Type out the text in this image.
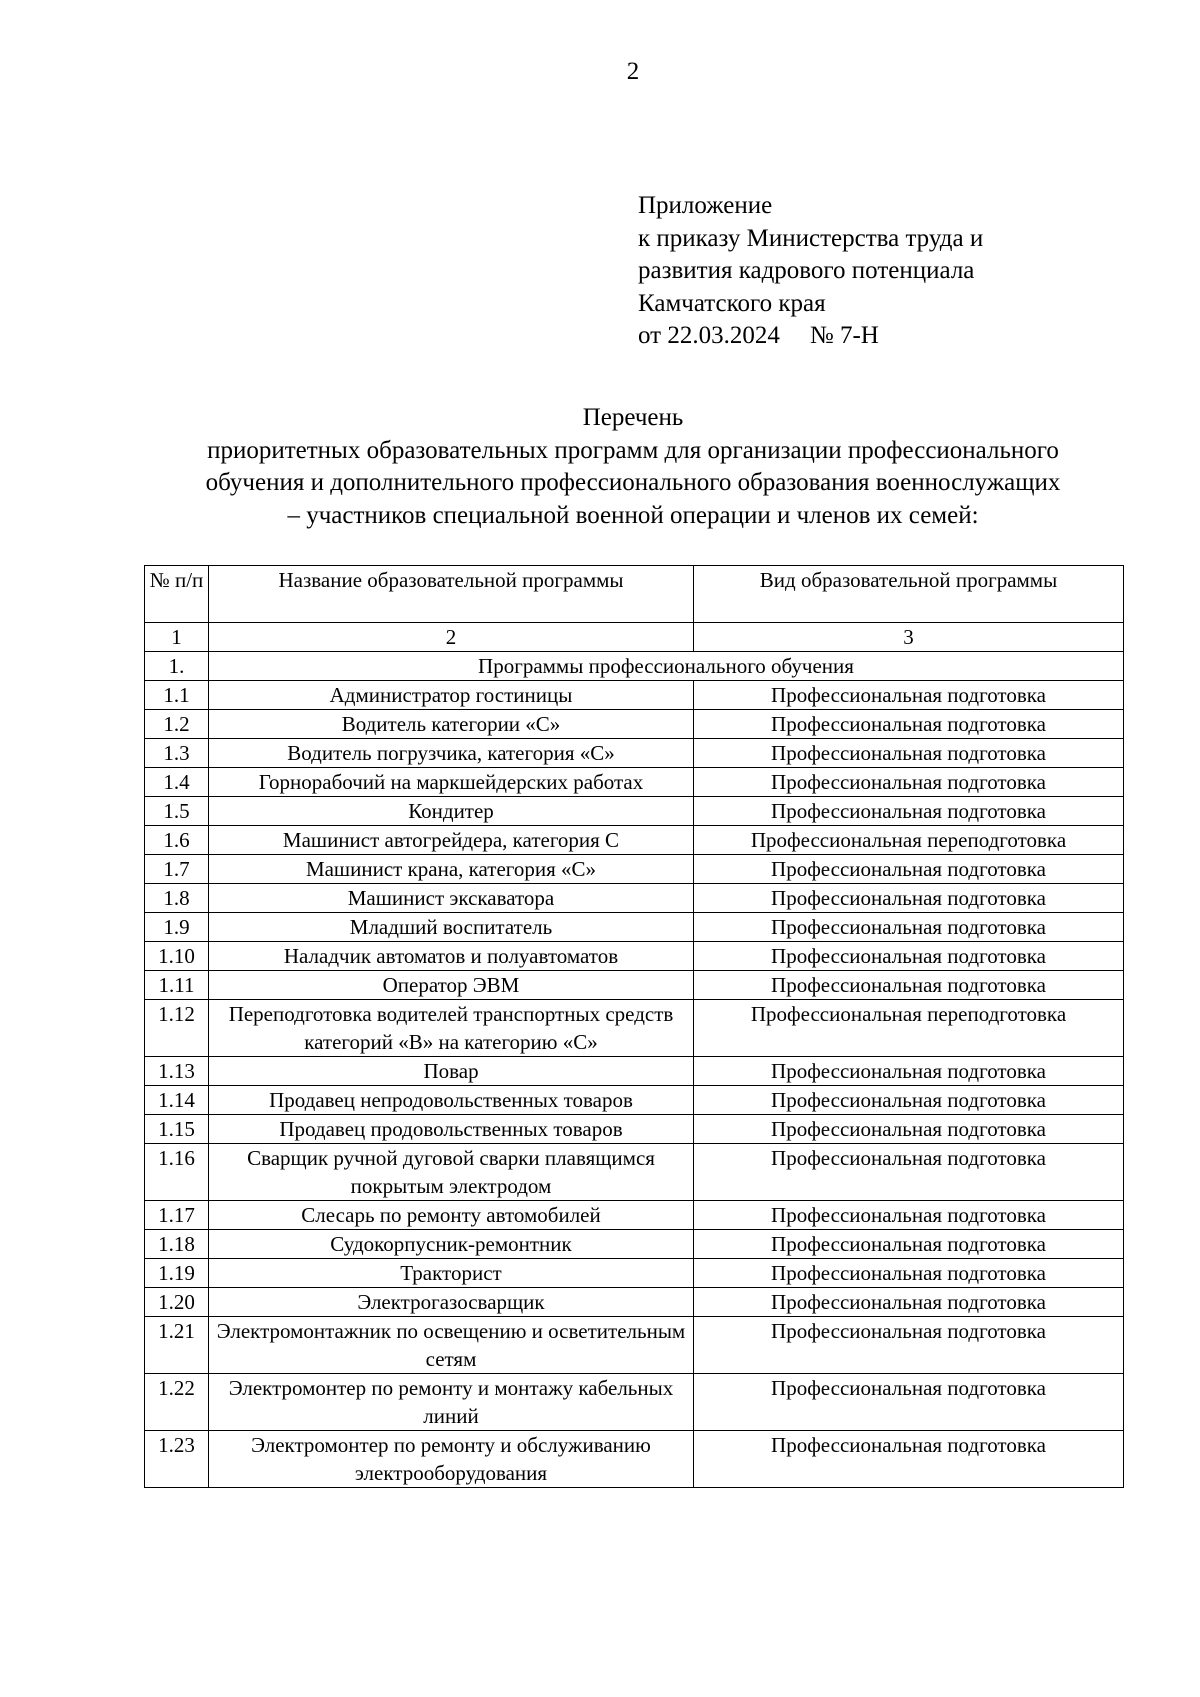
2
Приложение
к приказу Министерства труда и
развития кадрового потенциала
Камчатского края
от 22.03.2024 № 7-Н
Перечень
приоритетных образовательных программ для организации профессионального
обучения и дополнительного профессионального образования военнослужащих
– участников специальной военной операции и членов их семей:
№ п/п	Название образовательной программы	Вид образовательной программы
1	2	3
1.	Программы профессионального обучения	
1.1	Администратор гостиницы	Профессиональная подготовка
1.2	Водитель категории «С»	Профессиональная подготовка
1.3	Водитель погрузчика, категория «С»	Профессиональная подготовка
1.4	Горнорабочий на маркшейдерских работах	Профессиональная подготовка
1.5	Кондитер	Профессиональная подготовка
1.6	Машинист автогрейдера, категория С	Профессиональная переподготовка
1.7	Машинист крана, категория «С»	Профессиональная подготовка
1.8	Машинист экскаватора	Профессиональная подготовка
1.9	Младший воспитатель	Профессиональная подготовка
1.10	Наладчик автоматов и полуавтоматов	Профессиональная подготовка
1.11	Оператор ЭВМ	Профессиональная подготовка
1.12	Переподготовка водителей транспортных средств категорий «В» на категорию «С»	Профессиональная переподготовка
1.13	Повар	Профессиональная подготовка
1.14	Продавец непродовольственных товаров	Профессиональная подготовка
1.15	Продавец продовольственных товаров	Профессиональная подготовка
1.16	Сварщик ручной дуговой сварки плавящимся покрытым электродом	Профессиональная подготовка
1.17	Слесарь по ремонту автомобилей	Профессиональная подготовка
1.18	Судокорпусник-ремонтник	Профессиональная подготовка
1.19	Тракторист	Профессиональная подготовка
1.20	Электрогазосварщик	Профессиональная подготовка
1.21	Электромонтажник по освещению и осветительным сетям	Профессиональная подготовка
1.22	Электромонтер по ремонту и монтажу кабельных линий	Профессиональная подготовка
1.23	Электромонтер по ремонту и обслуживанию электрооборудования	Профессиональная подготовка
